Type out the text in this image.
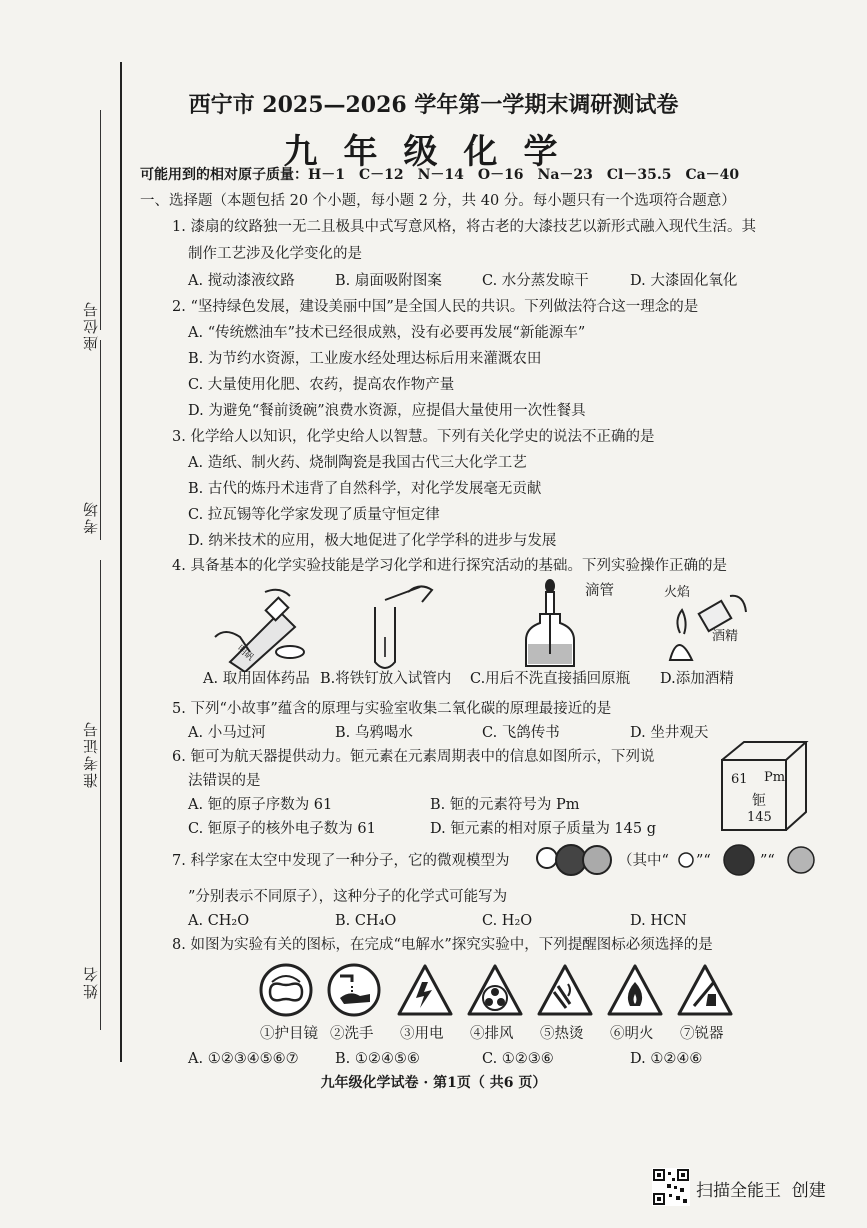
座位号
考场
准考证号
姓名
西宁市 2025—2026 学年第一学期末调研测试卷
九年级化学
可能用到的相对原子质量：H－1　C－12　N－14　O－16　Na－23　Cl－35.5　Ca－40
一、选择题（本题包括 20 个小题，每小题 2 分，共 40 分。每小题只有一个选项符合题意）
1. 漆扇的纹路独一无二且极具中式写意风格，将古老的大漆技艺以新形式融入现代生活。其
制作工艺涉及化学变化的是
A. 搅动漆液纹路	B. 扇面吸附图案	C. 水分蒸发晾干	D. 大漆固化氧化
2. “坚持绿色发展，建设美丽中国”是全国人民的共识。下列做法符合这一理念的是
A. “传统燃油车”技术已经很成熟，没有必要再发展“新能源车”
B. 为节约水资源，工业废水经处理达标后用来灌溉农田
C. 大量使用化肥、农药，提高农作物产量
D. 为避免“餐前烫碗”浪费水资源，应提倡大量使用一次性餐具
3. 化学给人以知识，化学史给人以智慧。下列有关化学史的说法不正确的是
A. 造纸、制火药、烧制陶瓷是我国古代三大化学工艺
B. 古代的炼丹术违背了自然科学，对化学发展毫无贡献
C. 拉瓦锡等化学家发现了质量守恒定律
D. 纳米技术的应用，极大地促进了化学学科的进步与发展
4. 具备基本的化学实验技能是学习化学和进行探究活动的基础。下列实验操作正确的是
明矾
滴管	火焰
酒精
A. 取用固体药品 B.将铁钉放入试管内 C.用后不洗直接插回原瓶 D.添加酒精
5. 下列“小故事”蕴含的原理与实验室收集二氧化碳的原理最接近的是
A. 小马过河	B. 乌鸦喝水	C. 飞鸽传书	D. 坐井观天
6. 钷可为航天器提供动力。钷元素在元素周期表中的信息如图所示，下列说
法错误的是
A. 钷的原子序数为 61	B. 钷的元素符号为 Pm
C. 钷原子的核外电子数为 61	D. 钷元素的相对原子质量为 145 g
61 Pm
钷
145
7. 科学家在太空中发现了一种分子，它的微观模型为	（其中“ ”“	”“
”分别表示不同原子），这种分子的化学式可能写为
A. CH₂O	B. CH₄O	C. H₂O	D. HCN
8. 如图为实验有关的图标，在完成“电解水”探究实验中，下列提醒图标必须选择的是
①护目镜 ②洗手 ③用电 ④排风 ⑤热烫 ⑥明火 ⑦锐器
A. ①②③④⑤⑥⑦	B. ①②④⑤⑥	C. ①②③⑥	D. ①②④⑥
九年级化学试卷 · 第1页（ 共6 页）
扫描全能王  创建
